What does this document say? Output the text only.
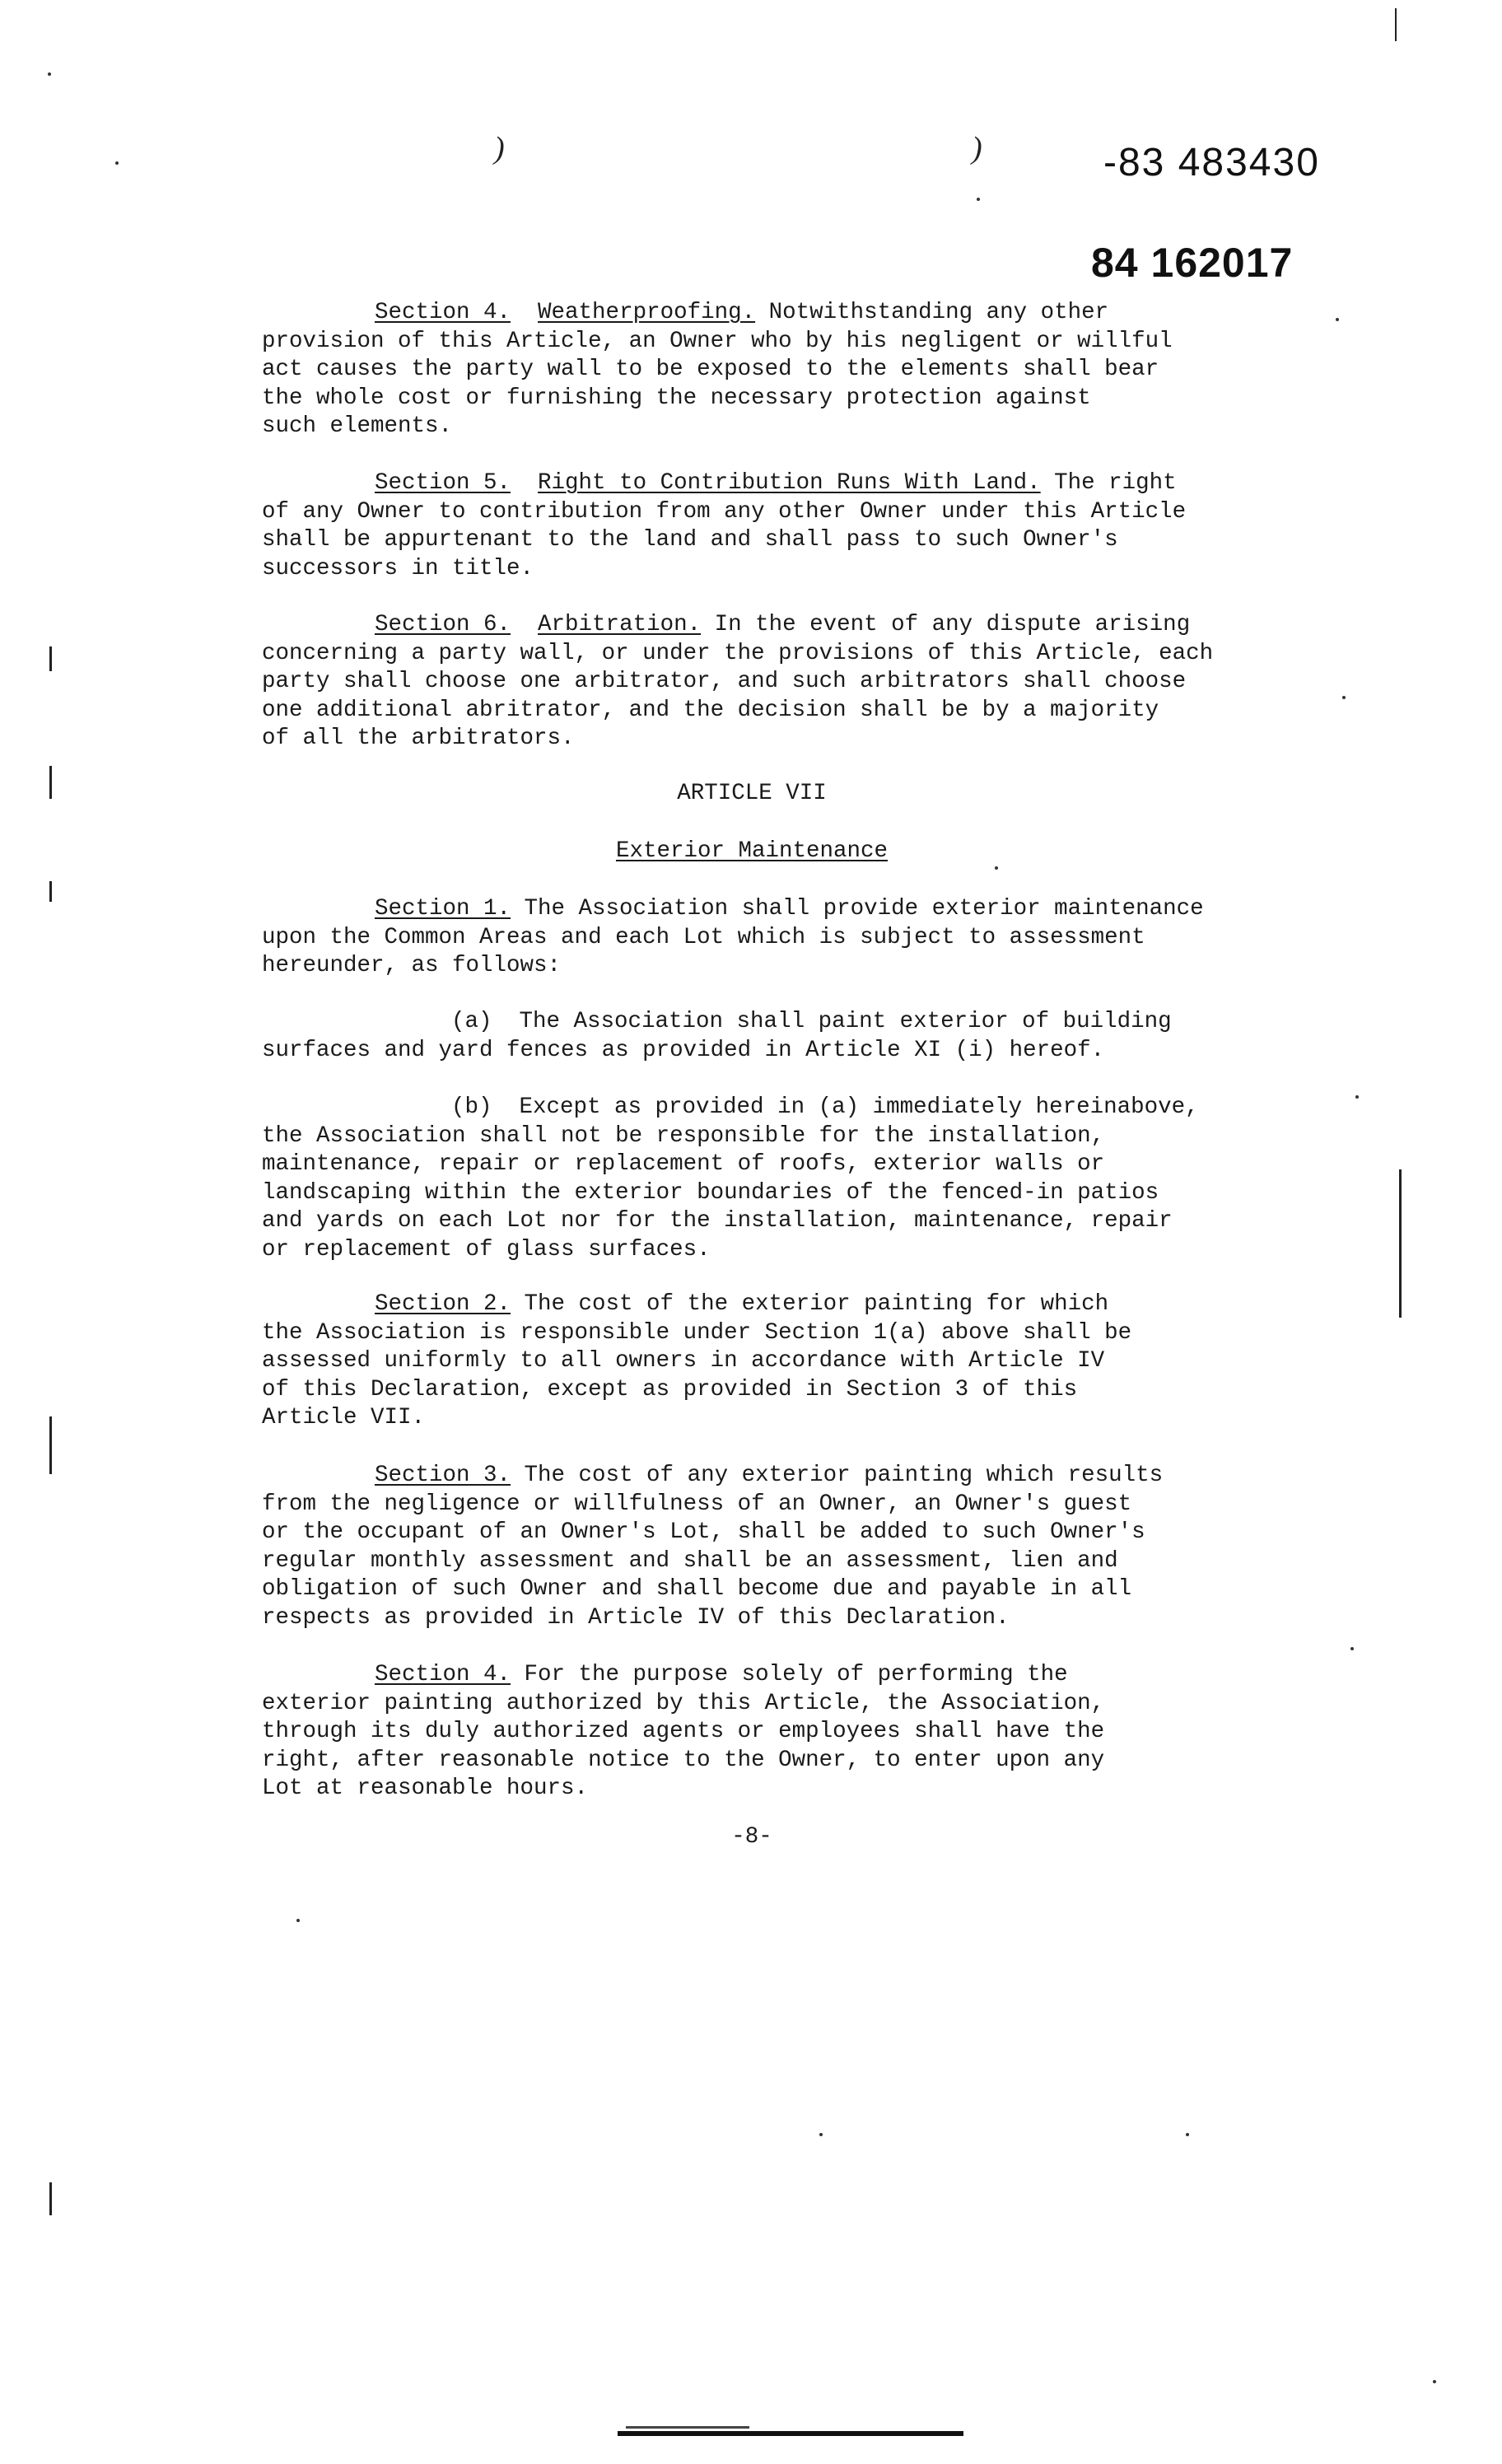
-83 483430
84 162017
)	)

Section 4. Weatherproofing. Notwithstanding any other

provision of this Article, an Owner who by his negligent or willful

act causes the party wall to be exposed to the elements shall bear

the whole cost or furnishing the necessary protection against

such elements.

Section 5. Right to Contribution Runs With Land. The right

of any Owner to contribution from any other Owner under this Article

shall be appurtenant to the land and shall pass to such Owner's

successors in title.

Section 6. Arbitration. In the event of any dispute arising

concerning a party wall, or under the provisions of this Article, each

party shall choose one arbitrator, and such arbitrators shall choose

one additional abritrator, and the decision shall be by a majority

of all the arbitrators.

ARTICLE VII
Exterior Maintenance

Section 1. The Association shall provide exterior maintenance

upon the Common Areas and each Lot which is subject to assessment

hereunder, as follows:

(a)  The Association shall paint exterior of building

surfaces and yard fences as provided in Article XI (i) hereof.

(b)  Except as provided in (a) immediately hereinabove,

the Association shall not be responsible for the installation,

maintenance, repair or replacement of roofs, exterior walls or

landscaping within the exterior boundaries of the fenced-in patios

and yards on each Lot nor for the installation, maintenance, repair

or replacement of glass surfaces.

Section 2. The cost of the exterior painting for which

the Association is responsible under Section 1(a) above shall be

assessed uniformly to all owners in accordance with Article IV

of this Declaration, except as provided in Section 3 of this

Article VII.

Section 3. The cost of any exterior painting which results

from the negligence or willfulness of an Owner, an Owner's guest

or the occupant of an Owner's Lot, shall be added to such Owner's

regular monthly assessment and shall be an assessment, lien and

obligation of such Owner and shall become due and payable in all

respects as provided in Article IV of this Declaration.

Section 4. For the purpose solely of performing the

exterior painting authorized by this Article, the Association,

through its duly authorized agents or employees shall have the

right, after reasonable notice to the Owner, to enter upon any

Lot at reasonable hours.

-8-
